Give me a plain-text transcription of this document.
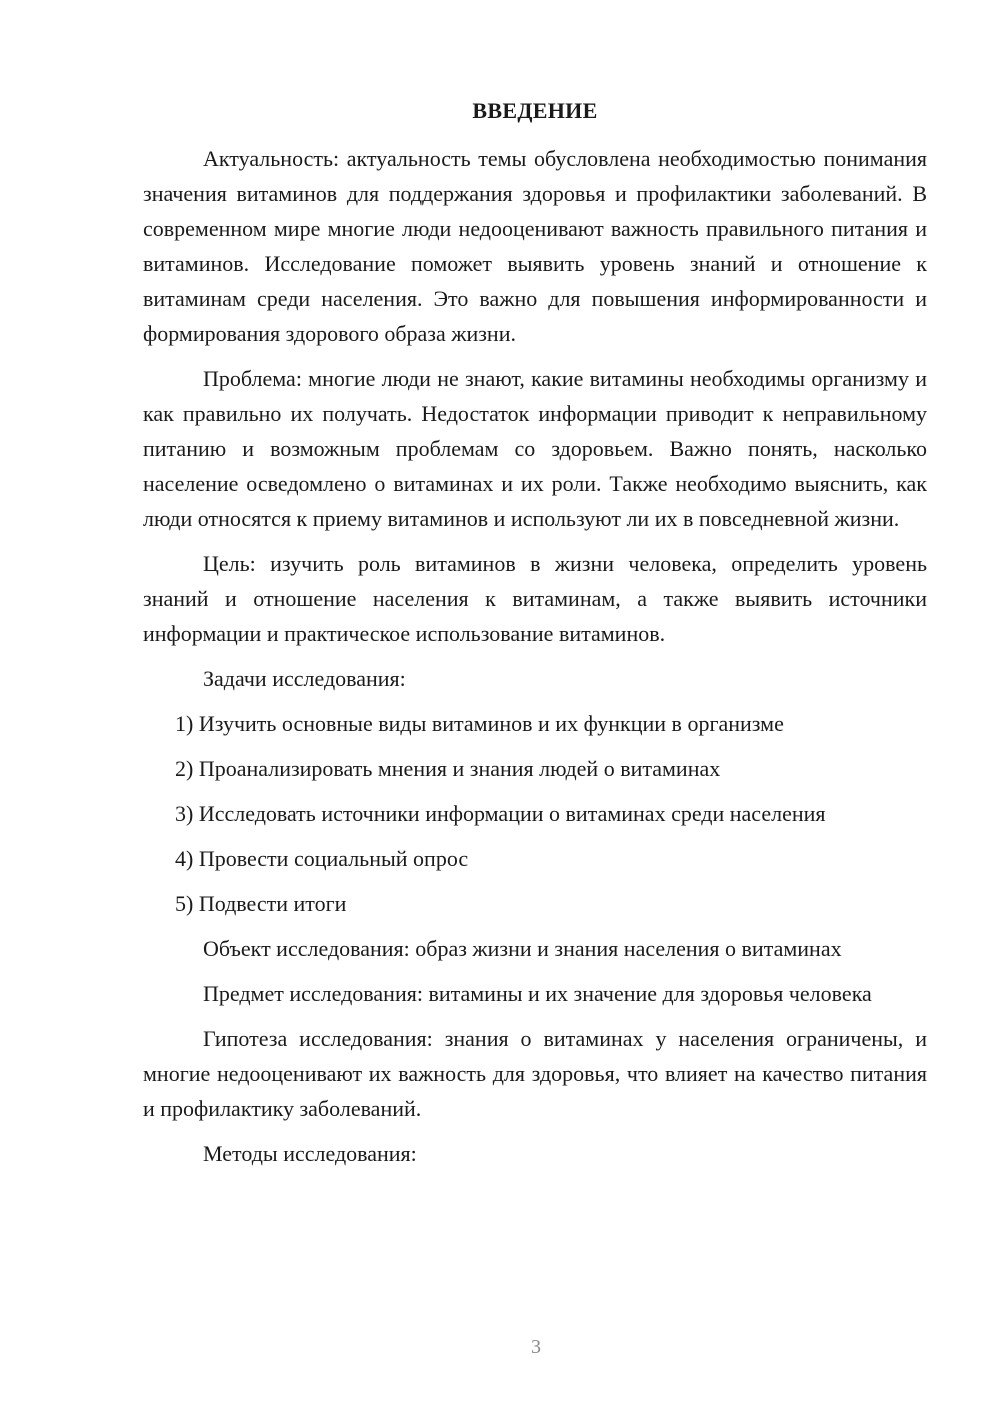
ВВЕДЕНИЕ

Актуальность: актуальность темы обусловлена необходимостью понимания значения витаминов для поддержания здоровья и профилактики заболеваний. В современном мире многие люди недооценивают важность правильного питания и витаминов. Исследование поможет выявить уровень знаний и отношение к витаминам среди населения. Это важно для повышения информированности и формирования здорового образа жизни.

Проблема: многие люди не знают, какие витамины необходимы организму и как правильно их получать. Недостаток информации приводит к неправильному питанию и возможным проблемам со здоровьем. Важно понять, насколько население осведомлено о витаминах и их роли. Также необходимо выяснить, как люди относятся к приему витаминов и используют ли их в повседневной жизни.

Цель: изучить роль витаминов в жизни человека, определить уровень знаний и отношение населения к витаминам, а также выявить источники информации и практическое использование витаминов.

Задачи исследования:

1) Изучить основные виды витаминов и их функции в организме
2) Проанализировать мнения и знания людей о витаминах
3) Исследовать источники информации о витаминах среди населения
4) Провести социальный опрос
5) Подвести итоги

Объект исследования: образ жизни и знания населения о витаминах

Предмет исследования: витамины и их значение для здоровья человека

Гипотеза исследования: знания о витаминах у населения ограничены, и многие недооценивают их важность для здоровья, что влияет на качество питания и профилактику заболеваний.

Методы исследования:

3
